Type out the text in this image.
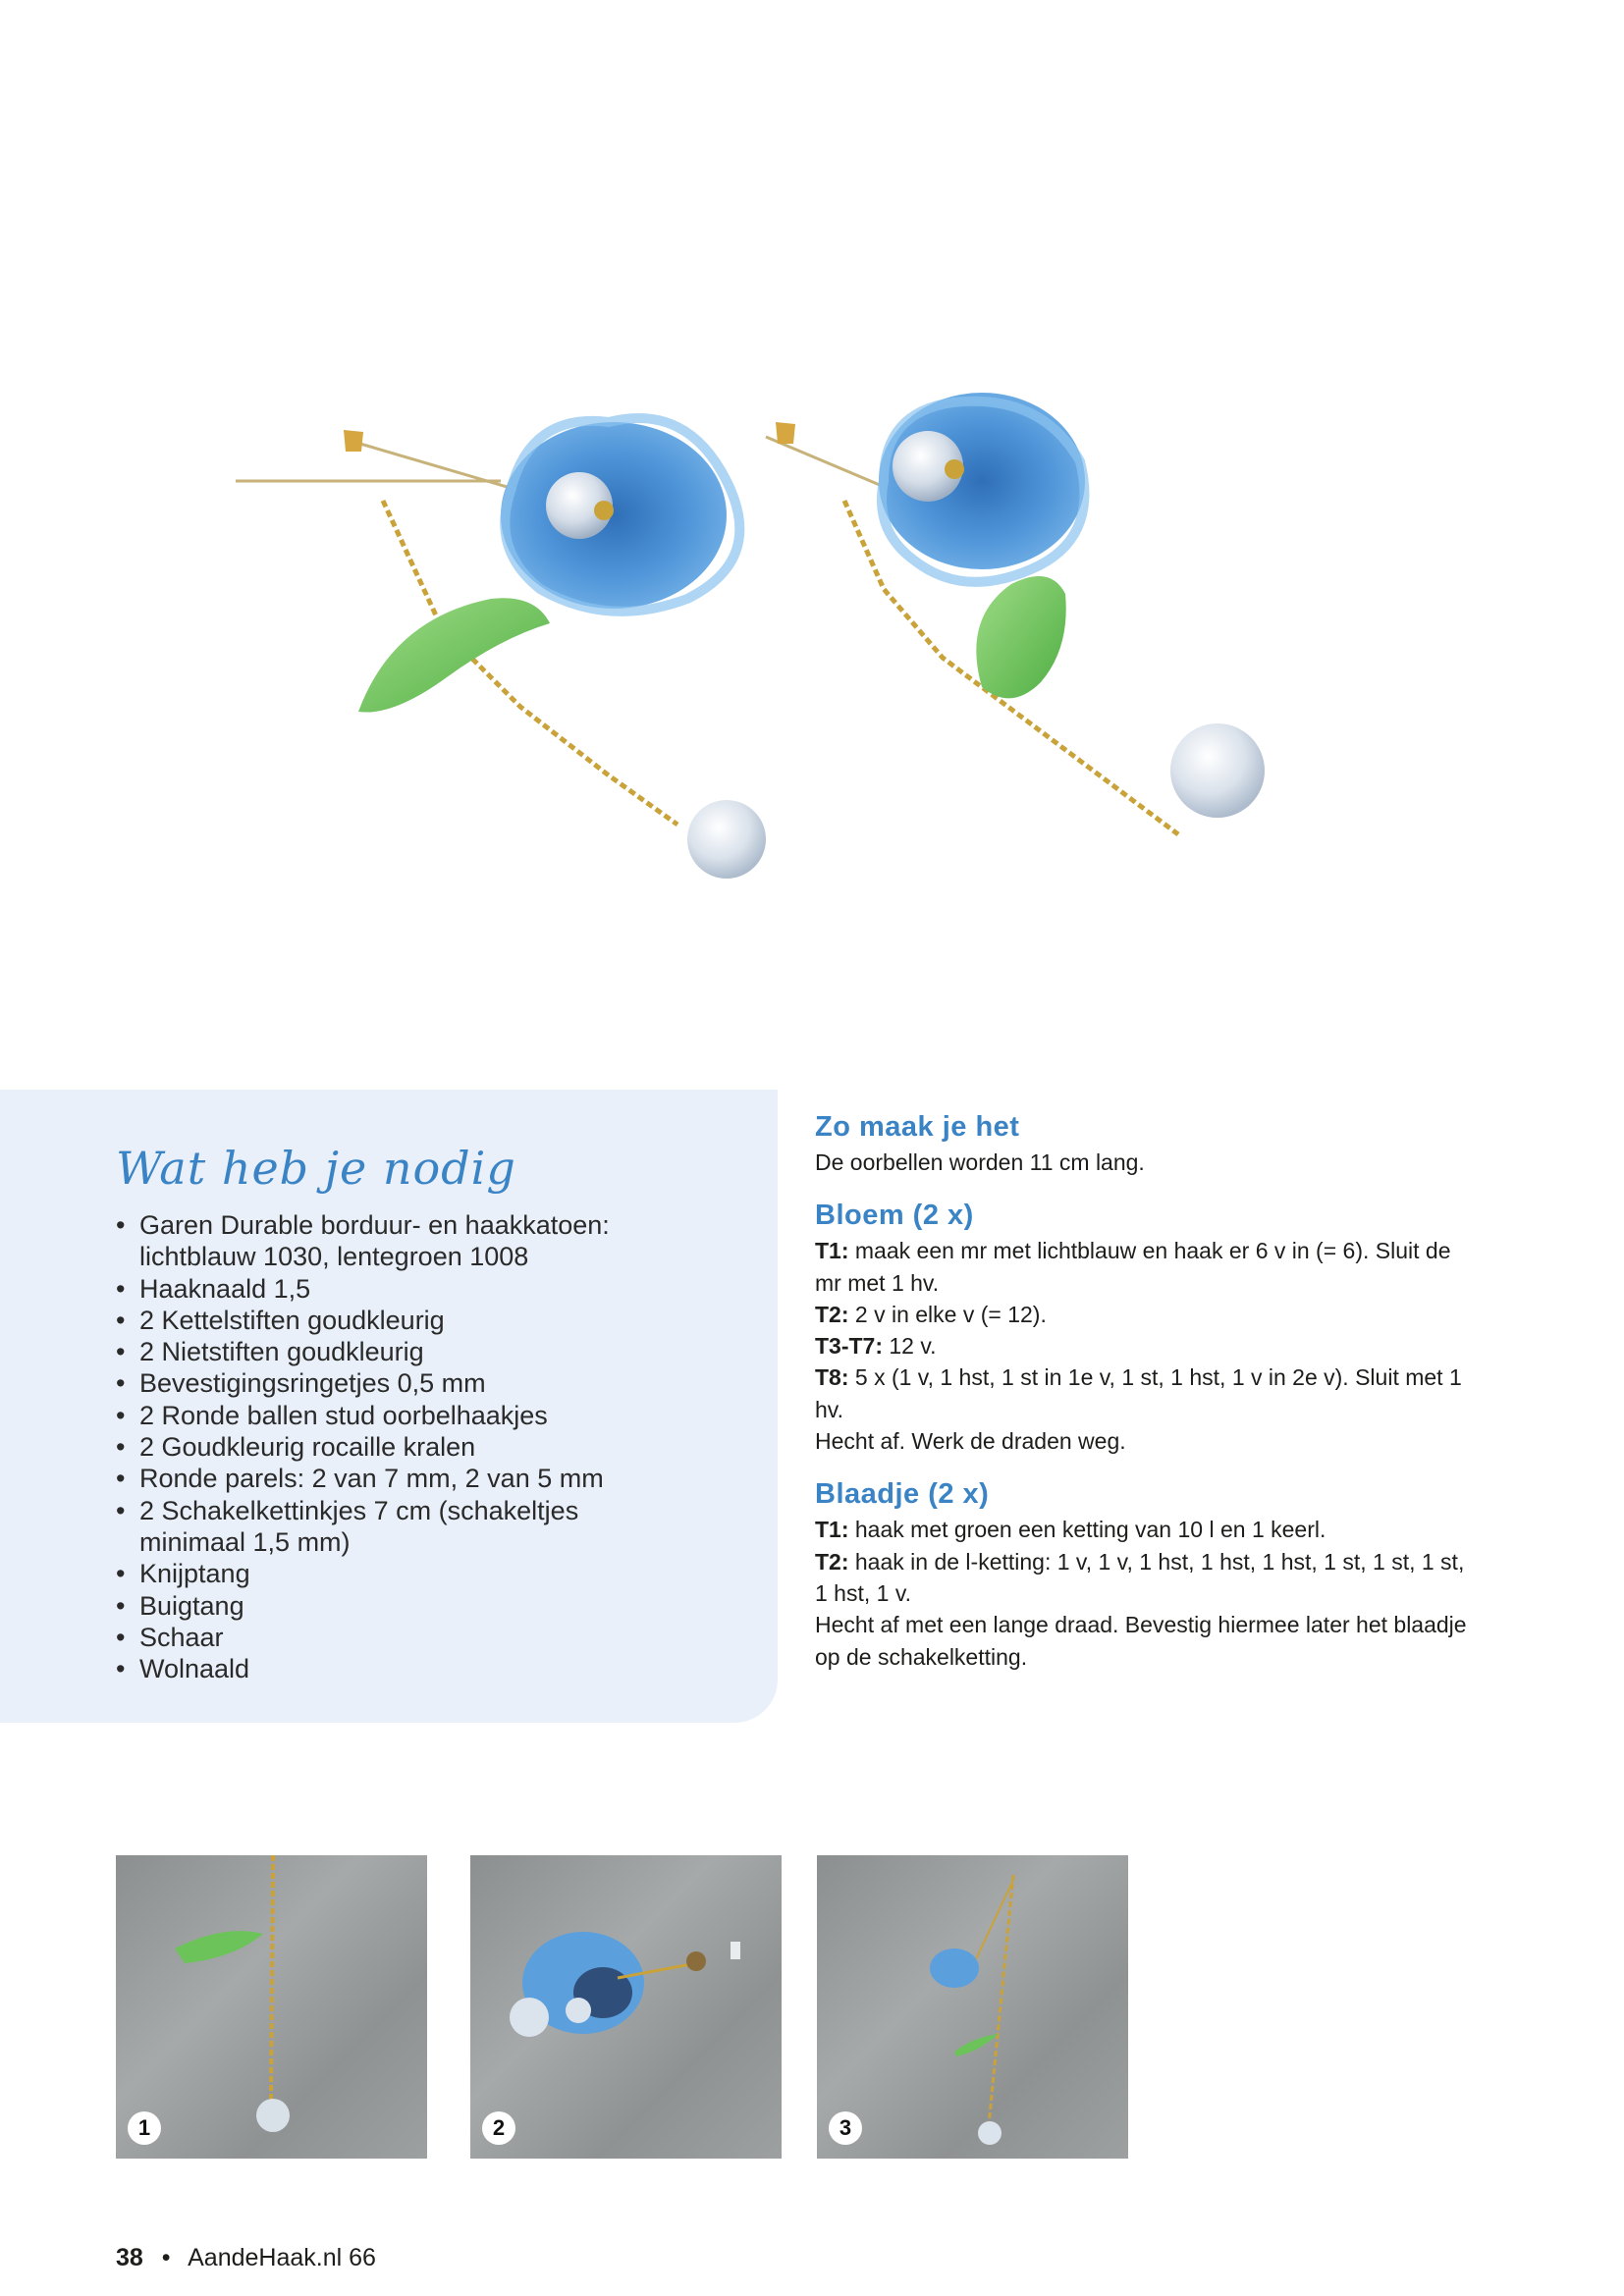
Wat heb je nodig
• Garen Durable borduur- en haakkatoen: lichtblauw 1030, lentegroen 1008
• Haaknaald 1,5
• 2 Kettelstiften goudkleurig
• 2 Nietstiften goudkleurig
• Bevestigingsringetjes 0,5 mm
• 2 Ronde ballen stud oorbelhaakjes
• 2 Goudkleurig rocaille kralen
• Ronde parels: 2 van 7 mm, 2 van 5 mm
• 2 Schakelkettinkjes 7 cm (schakeltjes minimaal 1,5 mm)
• Knijptang
• Buigtang
• Schaar
• Wolnaald
Zo maak je het

De oorbellen worden 11 cm lang.

Bloem (2 x)

T1: maak een mr met lichtblauw en haak er 6 v in (= 6). Sluit de mr met 1 hv.

T2: 2 v in elke v (= 12).

T3-T7: 12 v.

T8: 5 x (1 v, 1 hst, 1 st in 1e v, 1 st, 1 hst, 1 v in 2e v). Sluit met 1 hv.

Hecht af. Werk de draden weg.

Blaadje (2 x)

T1: haak met groen een ketting van 10 l en 1 keerl.

T2: haak in de l-ketting: 1 v, 1 v, 1 hst, 1 hst, 1 hst, 1 st, 1 st, 1 st, 1 hst, 1 v.

Hecht af met een lange draad. Bevestig hiermee later het blaadje op de schakelketting.

1	2	3
38 • AandeHaak.nl 66
